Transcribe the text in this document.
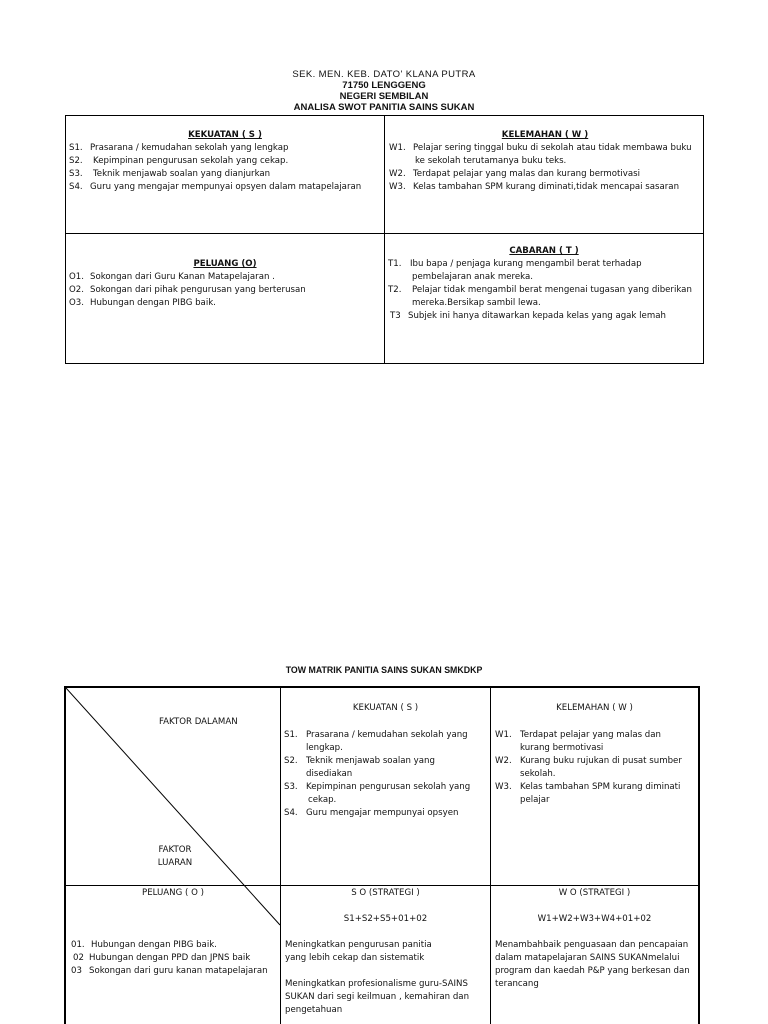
SEK. MEN. KEB. DATO' KLANA PUTRA
71750 LENGGENG
NEGERI SEMBILAN
ANALISA SWOT PANITIA SAINS SUKAN
KEKUATAN ( S )
S1. Prasarana / kemudahan sekolah yang lengkap
S2. Kepimpinan pengurusan sekolah yang cekap.
S3. Teknik menjawab soalan yang dianjurkan
S4. Guru yang mengajar mempunyai opsyen dalam matapelajaran
KELEMAHAN ( W )
W1. Pelajar sering tinggal buku di sekolah atau tidak membawa buku
ke sekolah terutamanya buku teks.
W2. Terdapat pelajar yang malas dan kurang bermotivasi
W3. Kelas tambahan SPM kurang diminati,tidak mencapai sasaran
PELUANG (O)
O1. Sokongan dari Guru Kanan Matapelajaran .
O2. Sokongan dari pihak pengurusan yang berterusan
O3. Hubungan dengan PIBG baik.
CABARAN ( T )
T1. Ibu bapa / penjaga kurang mengambil berat terhadap
pembelajaran anak mereka.
T2. Pelajar tidak mengambil berat mengenai tugasan yang diberikan
mereka.Bersikap sambil lewa.
T3 Subjek ini hanya ditawarkan kepada kelas yang agak lemah
TOW MATRIK PANITIA SAINS SUKAN SMKDKP
FAKTOR DALAMAN
FAKTOR
LUARAN
KEKUATAN ( S )
S1. Prasarana / kemudahan sekolah yang
lengkap.
S2. Teknik menjawab soalan yang
disediakan
S3. Kepimpinan pengurusan sekolah yang
cekap.
S4. Guru mengajar mempunyai opsyen
KELEMAHAN ( W )
W1. Terdapat pelajar yang malas dan
kurang bermotivasi
W2. Kurang buku rujukan di pusat sumber
sekolah.
W3. Kelas tambahan SPM kurang diminati
pelajar
PELUANG ( O )
01. Hubungan dengan PIBG baik.
02 Hubungan dengan PPD dan JPNS baik
03 Sokongan dari guru kanan matapelajaran
S O (STRATEGI )
S1+S2+S5+01+02
Meningkatkan pengurusan panitia
yang lebih cekap dan sistematik
Meningkatkan profesionalisme guru-SAINS
SUKAN dari segi keilmuan , kemahiran dan
pengetahuan
W O (STRATEGI )
W1+W2+W3+W4+01+02
Menambahbaik penguasaan dan pencapaian
dalam matapelajaran SAINS SUKANmelalui
program dan kaedah P&P yang berkesan dan
terancang
